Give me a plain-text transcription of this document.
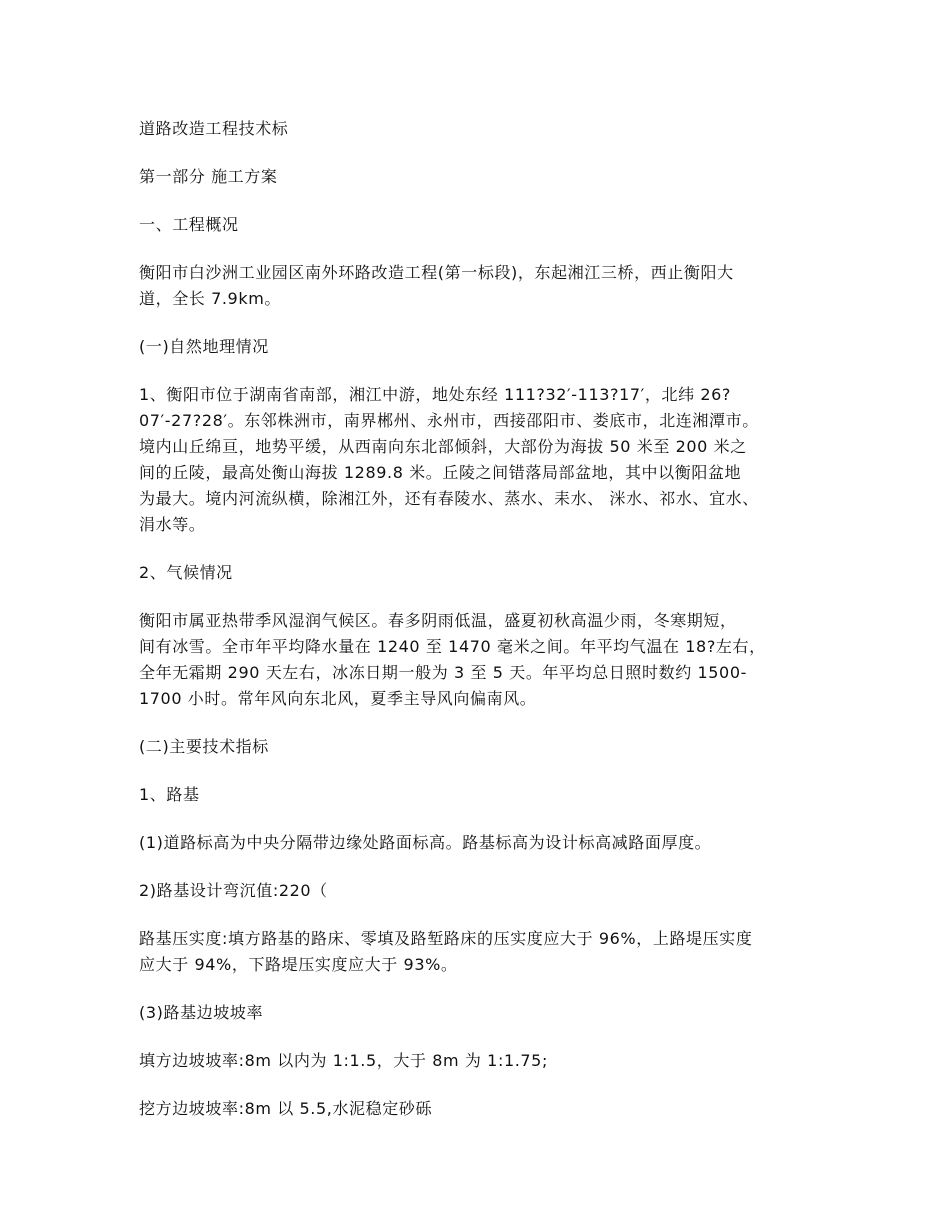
道路改造工程技术标

第一部分 施工方案

一、工程概况

衡阳市白沙洲工业园区南外环路改造工程(第一标段)，东起湘江三桥，西止衡阳大
道，全长 7.9km。

(一)自然地理情况

1、衡阳市位于湖南省南部，湘江中游，地处东经 111?32′-113?17′，北纬 26?
07′-27?28′。东邻株洲市，南界郴州、永州市，西接邵阳市、娄底市，北连湘潭市。
境内山丘绵亘，地势平缓，从西南向东北部倾斜，大部份为海拔 50 米至 200 米之
间的丘陵，最高处衡山海拔 1289.8 米。丘陵之间错落局部盆地，其中以衡阳盆地
为最大。境内河流纵横，除湘江外，还有春陵水、蒸水、耒水、 洣水、祁水、宜水、
涓水等。

2、气候情况

衡阳市属亚热带季风湿润气候区。春多阴雨低温，盛夏初秋高温少雨，冬寒期短，
间有冰雪。全市年平均降水量在 1240 至 1470 毫米之间。年平均气温在 18?左右，
全年无霜期 290 天左右，冰冻日期一般为 3 至 5 天。年平均总日照时数约 1500-
1700 小时。常年风向东北风，夏季主导风向偏南风。

(二)主要技术指标

1、路基

(1)道路标高为中央分隔带边缘处路面标高。路基标高为设计标高减路面厚度。

2)路基设计弯沉值:220（

路基压实度:填方路基的路床、零填及路堑路床的压实度应大于 96%，上路堤压实度
应大于 94%，下路堤压实度应大于 93%。

(3)路基边坡坡率

填方边坡坡率:8m 以内为 1:1.5，大于 8m 为 1:1.75;

挖方边坡坡率:8m 以 5.5,水泥稳定砂砾
